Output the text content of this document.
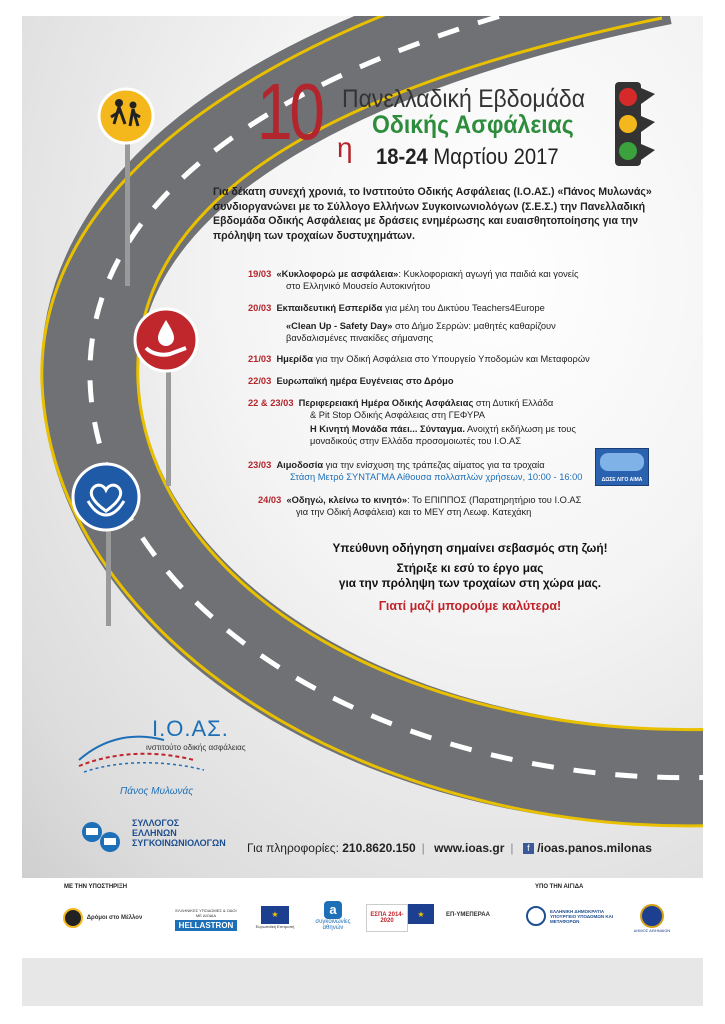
Ι.Ο.ΑΣ.
ινστιτούτο οδικής ασφάλειας
Πάνος Μυλωνάς
ΣΥΛΛΟΓΟΣ
ΕΛΛΗΝΩΝ
ΣΥΓΚΟΙΝΩΝΙΟΛΟΓΩΝ
10 η
Πανελλαδική Εβδομάδα
Οδικής Ασφάλειας
18-24 Μαρτίου 2017
Για δέκατη συνεχή χρονιά, το Ινστιτούτο Οδικής Ασφάλειας (Ι.Ο.ΑΣ.) «Πάνος Μυλωνάς» συνδιοργανώνει με το Σύλλογο Ελλήνων Συγκοινωνιολόγων (Σ.Ε.Σ.) την Πανελλαδική Εβδομάδα Οδικής Ασφάλειας με δράσεις ενημέρωσης και ευαισθητοποίησης για την πρόληψη των τροχαίων δυστυχημάτων.
19/03 «Κυκλοφορώ με ασφάλεια»: Κυκλοφοριακή αγωγή για παιδιά και γονείς
στο Ελληνικό Μουσείο Αυτοκινήτου
20/03 Εκπαιδευτική Εσπερίδα για μέλη του Δικτύου Teachers4Europe
«Clean Up - Safety Day» στο Δήμο Σερρών: μαθητές καθαρίζουν
βανδαλισμένες πινακίδες σήμανσης
21/03 Ημερίδα για την Οδική Ασφάλεια στο Υπουργείο Υποδομών και Μεταφορών
22/03 Ευρωπαϊκή ημέρα Ευγένειας στο Δρόμο
22 & 23/03 Περιφερειακή Ημέρα Οδικής Ασφάλειας στη Δυτική Ελλάδα
& Pit Stop Οδικής Ασφάλειας στη ΓΕΦΥΡΑ
Η Κινητή Μονάδα πάει... Σύνταγμα. Ανοιχτή εκδήλωση με τους
μοναδικούς στην Ελλάδα προσομοιωτές του Ι.Ο.ΑΣ
23/03 Αιμοδοσία για την ενίσχυση της τράπεζας αίματος για τα τροχαία
Στάση Μετρό ΣΥΝΤΑΓΜΑ Αίθουσα πολλαπλών χρήσεων, 10:00 - 16:00
24/03 «Οδηγώ, κλείνω το κινητό»: Το ΕΠΙΠΠΟΣ (Παρατηρητήριο του Ι.Ο.ΑΣ
για την Οδική Ασφάλεια) και το ΜΕΥ στη Λεωφ. Κατεχάκη
ΔΩΣΕ ΛΙΓΟ ΑΙΜΑ
Υπεύθυνη οδήγηση σημαίνει σεβασμός στη ζωή!
Στήριξε κι εσύ το έργο μας
για την πρόληψη των τροχαίων στη χώρα μας.
Γιατί μαζί μπορούμε καλύτερα!
Για πληροφορίες: 210.8620.150 | www.ioas.gr | f /ioas.panos.milonas
ΜΕ ΤΗΝ ΥΠΟΣΤΗΡΙΞΗ	ΥΠΟ ΤΗΝ ΑΙΓΙΔΑ
Δρόμοι στο Μέλλον
ΕΛΛΗΝΙΚΕΣ ΥΠΟΔΟΜΕΣ & ΟΔΟΙ ΜΕ ΔΙΟΔΙΑ
HELLASTRON
★
Ευρωπαϊκή Επιτροπή
a
συγκοινωνίες αθηνών
ΕΣΠΑ 2014-2020
★	ΕΠ-ΥΜΕΠΕΡΑΑ
ΕΛΛΗΝΙΚΗ ΔΗΜΟΚΡΑΤΙΑ ΥΠΟΥΡΓΕΙΟ ΥΠΟΔΟΜΩΝ ΚΑΙ ΜΕΤΑΦΟΡΩΝ
ΔΗΜΟΣ ΑΘΗΝΑΙΩΝ
